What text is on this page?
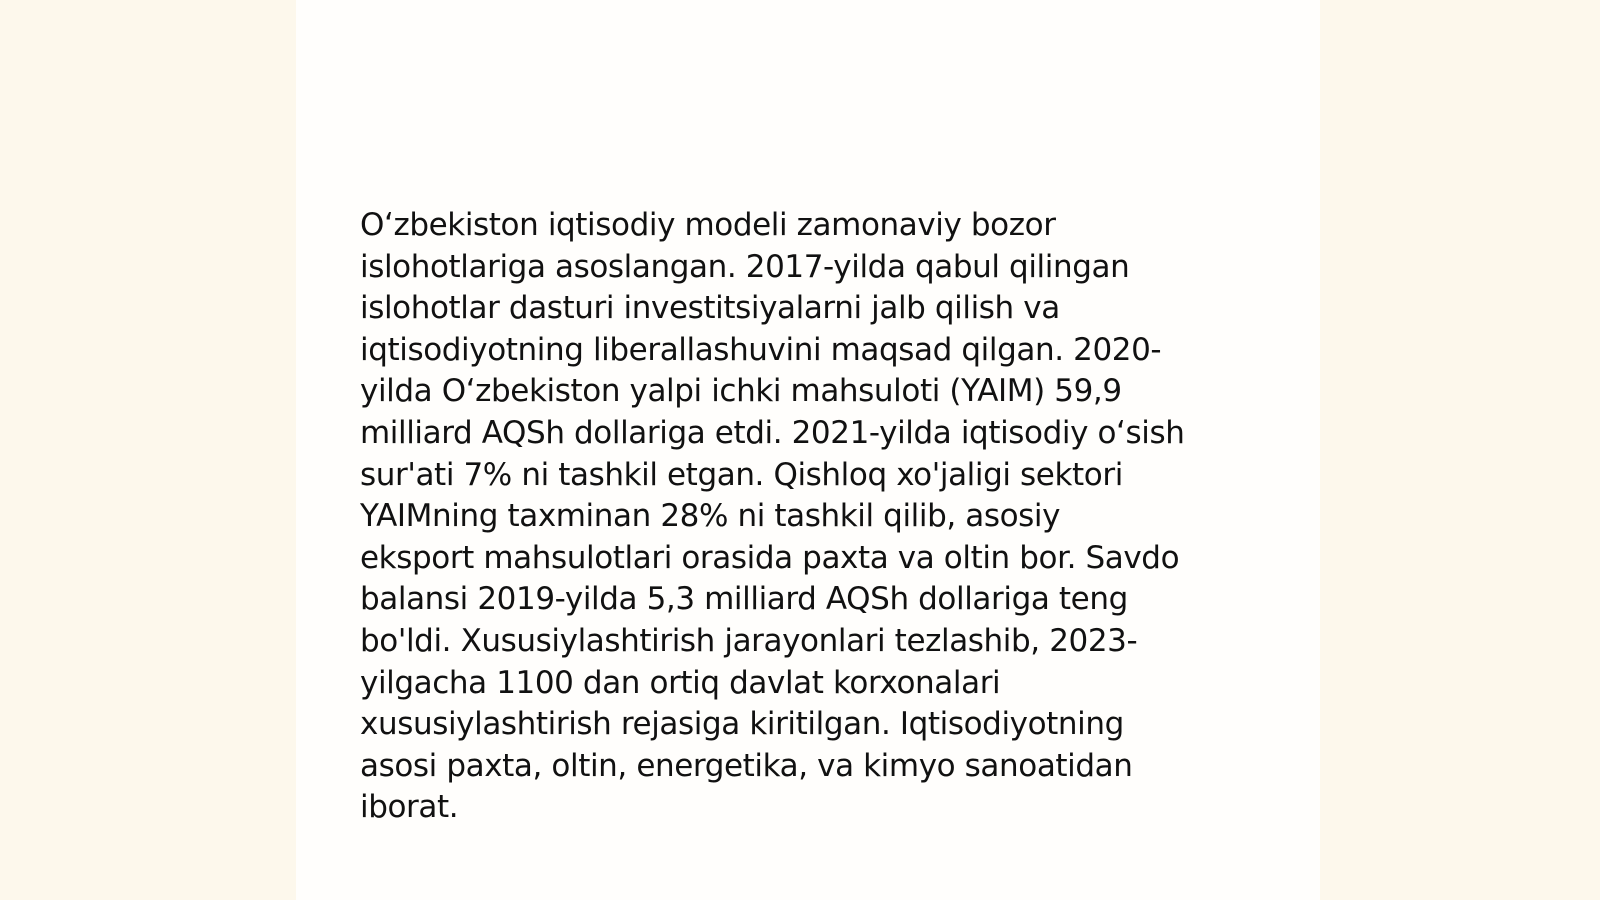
O‘zbekiston iqtisodiy modeli zamonaviy bozor
islohotlariga asoslangan. 2017-yilda qabul qilingan
islohotlar dasturi investitsiyalarni jalb qilish va
iqtisodiyotning liberallashuvini maqsad qilgan. 2020-
yilda O‘zbekiston yalpi ichki mahsuloti (YAIM) 59,9
milliard AQSh dollariga etdi. 2021-yilda iqtisodiy o‘sish
sur'ati 7% ni tashkil etgan. Qishloq xo'jaligi sektori
YAIMning taxminan 28% ni tashkil qilib, asosiy
eksport mahsulotlari orasida paxta va oltin bor. Savdo
balansi 2019-yilda 5,3 milliard AQSh dollariga teng
bo'ldi. Xususiylashtirish jarayonlari tezlashib, 2023-
yilgacha 1100 dan ortiq davlat korxonalari
xususiylashtirish rejasiga kiritilgan. Iqtisodiyotning
asosi paxta, oltin, energetika, va kimyo sanoatidan
iborat.
